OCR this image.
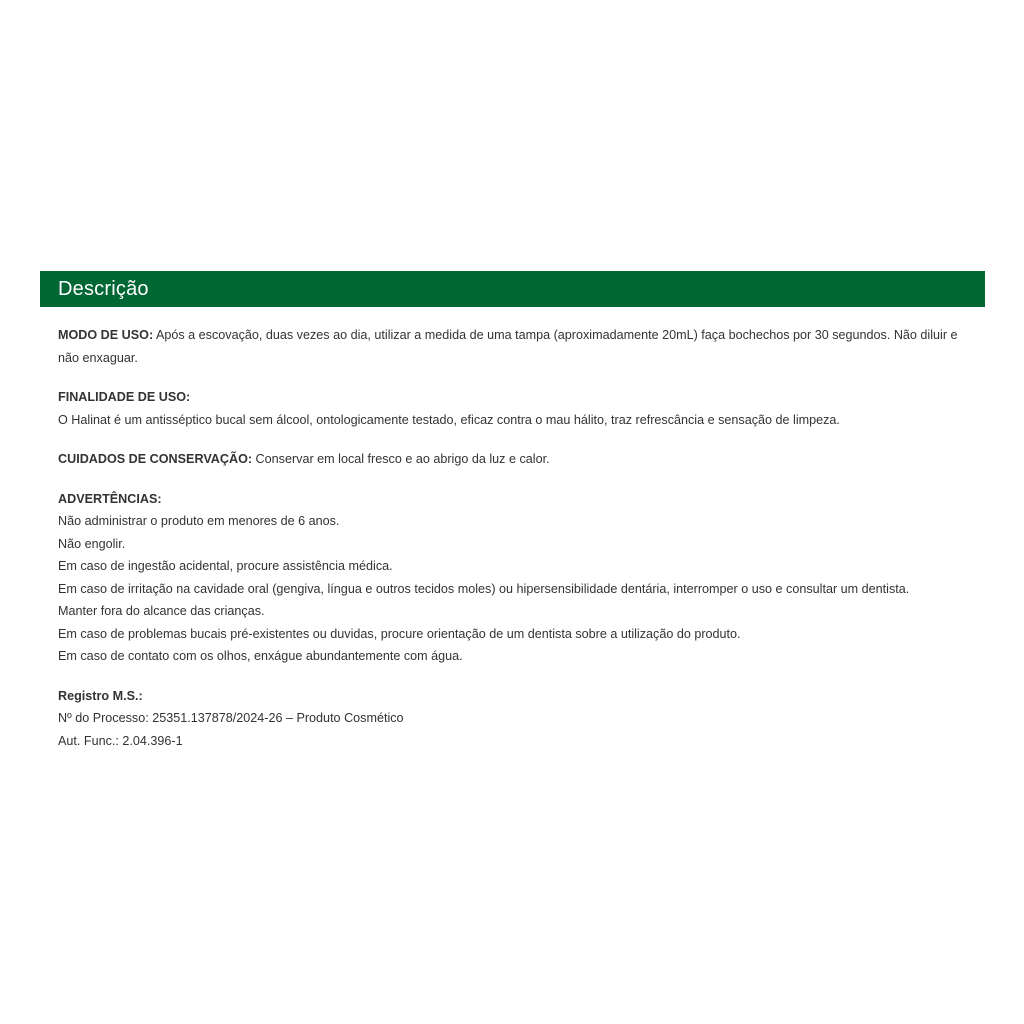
Descrição

MODO DE USO: Após a escovação, duas vezes ao dia, utilizar a medida de uma tampa (aproximadamente 20mL) faça bochechos por 30 segundos. Não diluir e não enxaguar.

FINALIDADE DE USO:

O Halinat é um antisséptico bucal sem álcool, ontologicamente testado, eficaz contra o mau hálito, traz refrescância e sensação de limpeza.

CUIDADOS DE CONSERVAÇÃO: Conservar em local fresco e ao abrigo da luz e calor.

ADVERTÊNCIAS:

Não administrar o produto em menores de 6 anos.

Não engolir.

Em caso de ingestão acidental, procure assistência médica.

Em caso de irritação na cavidade oral (gengiva, língua e outros tecidos moles) ou hipersensibilidade dentária, interromper o uso e consultar um dentista.

Manter fora do alcance das crianças.

Em caso de problemas bucais pré-existentes ou duvidas, procure orientação de um dentista sobre a utilização do produto.

Em caso de contato com os olhos, enxágue abundantemente com água.

Registro M.S.:

Nº do Processo: 25351.137878/2024-26 – Produto Cosmético

Aut. Func.: 2.04.396-1
